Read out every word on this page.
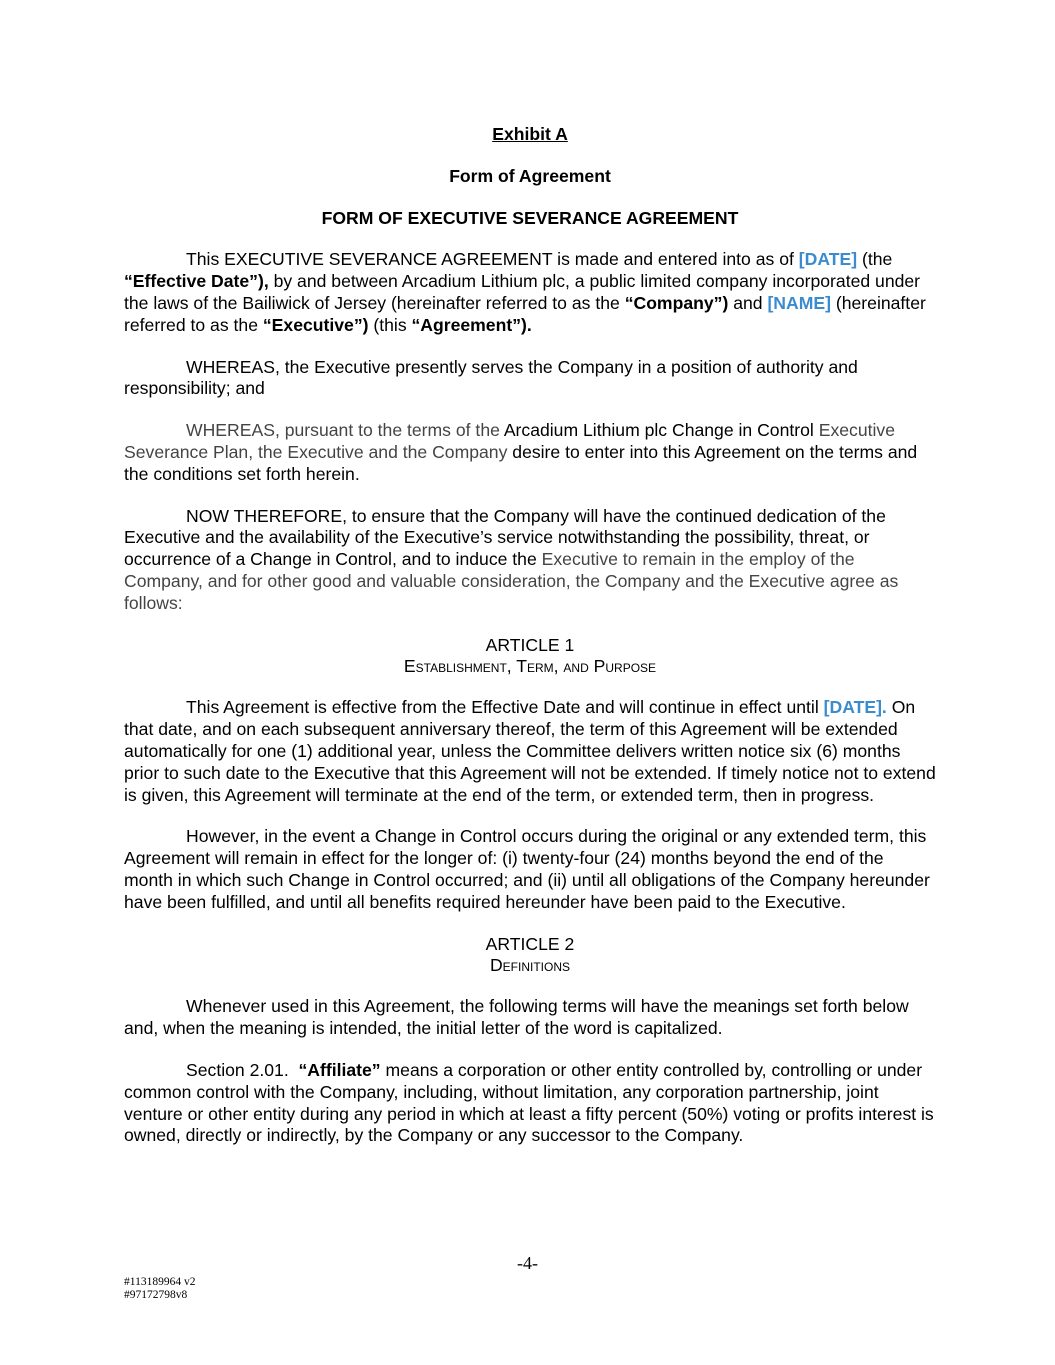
Exhibit A
Form of Agreement
FORM OF EXECUTIVE SEVERANCE AGREEMENT

This EXECUTIVE SEVERANCE AGREEMENT is made and entered into as of [DATE] (the “Effective Date”), by and between Arcadium Lithium plc, a public limited company incorporated under the laws of the Bailiwick of Jersey (hereinafter referred to as the “Company”) and [NAME] (hereinafter referred to as the “Executive”) (this “Agreement”).

WHEREAS, the Executive presently serves the Company in a position of authority and responsibility; and

WHEREAS, pursuant to the terms of the Arcadium Lithium plc Change in Control Executive Severance Plan, the Executive and the Company desire to enter into this Agreement on the terms and the conditions set forth herein.

NOW THEREFORE, to ensure that the Company will have the continued dedication of the Executive and the availability of the Executive’s service notwithstanding the possibility, threat, or occurrence of a Change in Control, and to induce the Executive to remain in the employ of the Company, and for other good and valuable consideration, the Company and the Executive agree as follows:

ARTICLE 1
Establishment, Term, and Purpose

This Agreement is effective from the Effective Date and will continue in effect until [DATE]. On that date, and on each subsequent anniversary thereof, the term of this Agreement will be extended automatically for one (1) additional year, unless the Committee delivers written notice six (6) months prior to such date to the Executive that this Agreement will not be extended. If timely notice not to extend is given, this Agreement will terminate at the end of the term, or extended term, then in progress.

However, in the event a Change in Control occurs during the original or any extended term, this Agreement will remain in effect for the longer of: (i) twenty-four (24) months beyond the end of the month in which such Change in Control occurred; and (ii) until all obligations of the Company hereunder have been fulfilled, and until all benefits required hereunder have been paid to the Executive.

ARTICLE 2
Definitions

Whenever used in this Agreement, the following terms will have the meanings set forth below and, when the meaning is intended, the initial letter of the word is capitalized.

Section 2.01.  “Affiliate” means a corporation or other entity controlled by, controlling or under common control with the Company, including, without limitation, any corporation partnership, joint venture or other entity during any period in which at least a fifty percent (50%) voting or profits interest is owned, directly or indirectly, by the Company or any successor to the Company.

-4-
#113189964 v2
#97172798v8
